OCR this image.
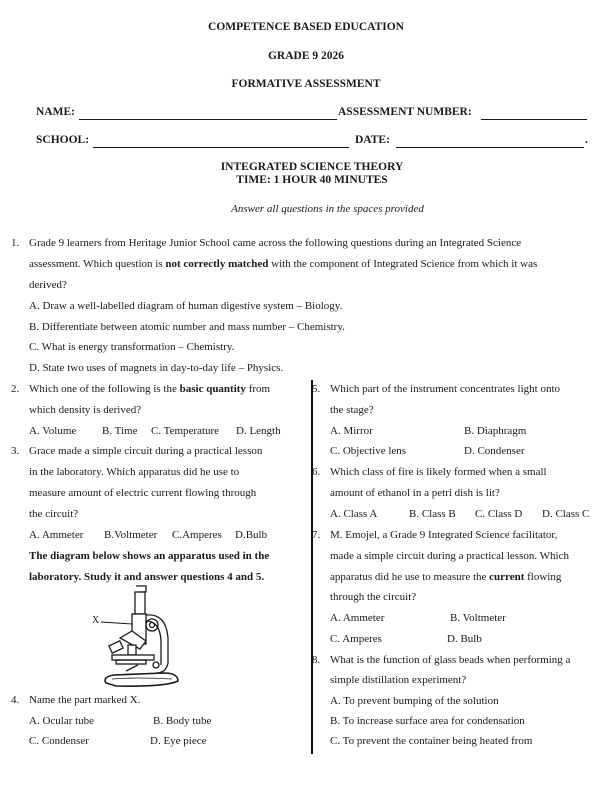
COMPETENCE BASED EDUCATION
GRADE 9 2026
FORMATIVE ASSESSMENT
NAME:	ASSESSMENT NUMBER:
SCHOOL:	DATE:	.
INTEGRATED SCIENCE THEORY
TIME: 1 HOUR 40 MINUTES
Answer all questions in the spaces provided
1. Grade 9 learners from Heritage Junior School came across the following questions during an Integrated Science
assessment. Which question is not correctly matched with the component of Integrated Science from which it was
derived?
A. Draw a well-labelled diagram of human digestive system – Biology.
B. Differentiate between atomic number and mass number – Chemistry.
C. What is energy transformation – Chemistry.
D. State two uses of magnets in day-to-day life – Physics.
2. Which one of the following is the basic quantity from
which density is derived?
A. Volume B. Time C. Temperature D. Length
3. Grace made a simple circuit during a practical lesson
in the laboratory. Which apparatus did he use to
measure amount of electric current flowing through
the circuit?
A. Ammeter B.Voltmeter C.Amperes D.Bulb
The diagram below shows an apparatus used in the
laboratory. Study it and answer questions 4 and 5.
X
4. Name the part marked X.
A. Ocular tube	B. Body tube
C. Condenser	D. Eye piece
5. Which part of the instrument concentrates light onto
the stage?
A. Mirror	B. Diaphragm
C. Objective lens	D. Condenser
6. Which class of fire is likely formed when a small
amount of ethanol in a petri dish is lit?
A. Class A	B. Class B C. Class D D. Class C
7. M. Emojel, a Grade 9 Integrated Science facilitator,
made a simple circuit during a practical lesson. Which
apparatus did he use to measure the current flowing
through the circuit?
A. Ammeter	B. Voltmeter
C. Amperes	D. Bulb
8. What is the function of glass beads when performing a
simple distillation experiment?
A. To prevent bumping of the solution
B. To increase surface area for condensation
C. To prevent the container being heated from
